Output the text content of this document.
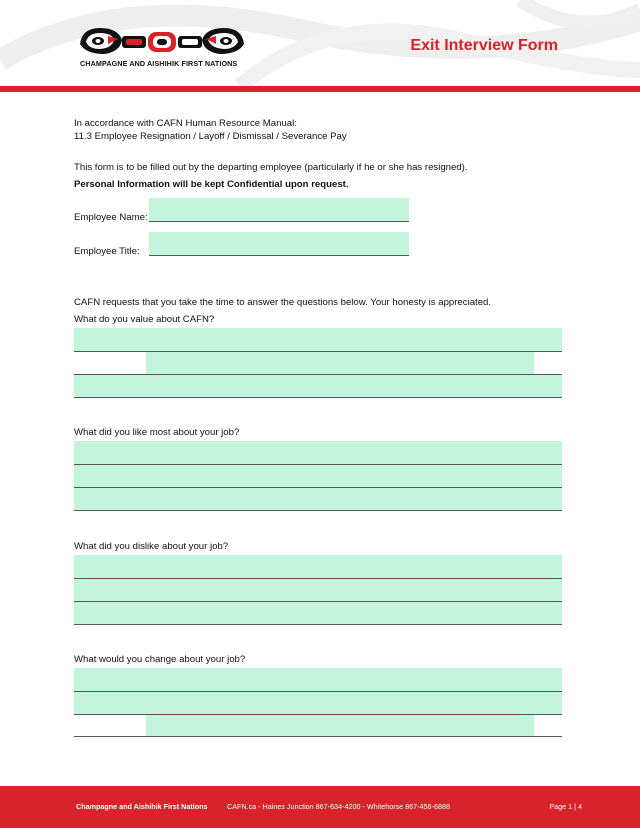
CHAMPAGNE AND AISHIHIK FIRST NATIONS
Exit Interview Form
In accordance with CAFN Human Resource Manual:
11.3 Employee Resignation / Layoff / Dismissal / Severance Pay
This form is to be filled out by the departing employee (particularly if he or she has resigned).
Personal Information will be kept Confidential upon request.
Employee Name:
Employee Title:
CAFN requests that you take the time to answer the questions below. Your honesty is appreciated.
What do you value about CAFN?
What did you like most about your job?
What did you dislike about your job?
What would you change about your job?
Champagne and Aishihik First Nations	CAFN.ca - Haines Junction 867-634-4200 - Whitehorse 867-456-6888	Page 1 | 4
